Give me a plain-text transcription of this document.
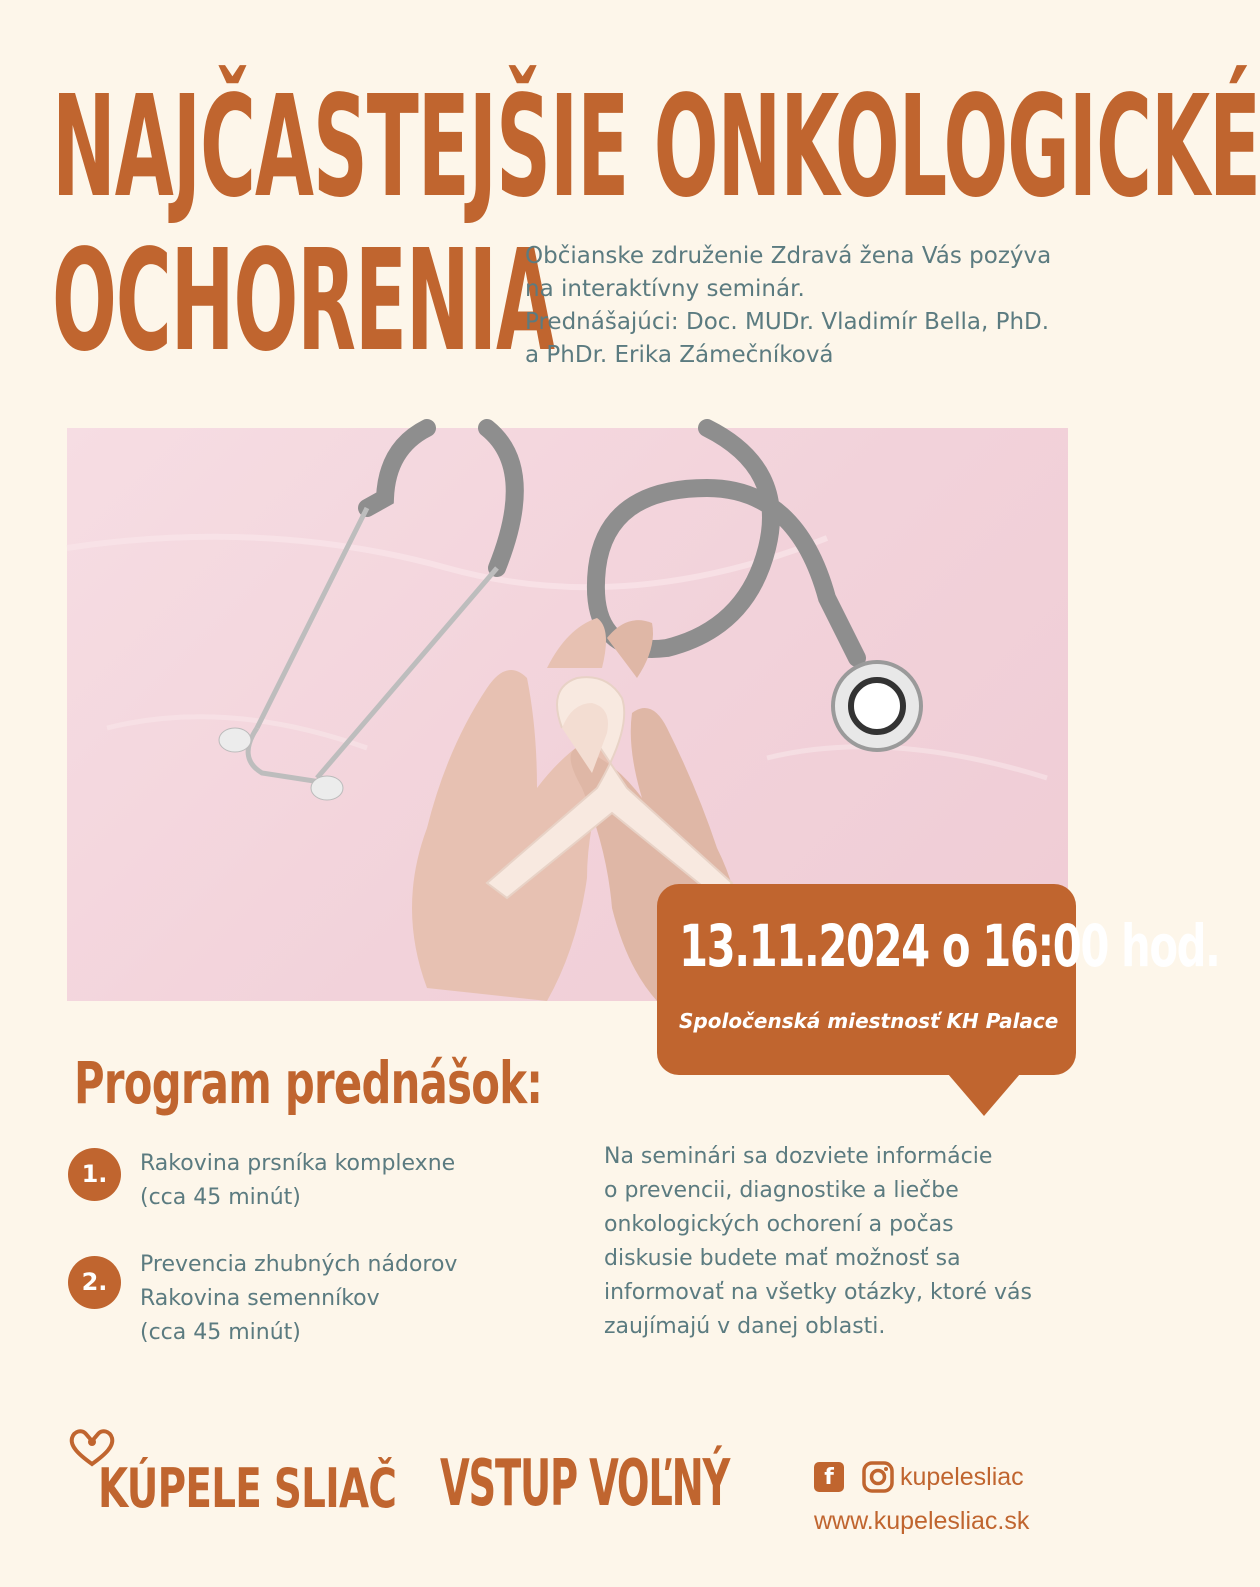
NAJČASTEJŠIE ONKOLOGICKÉ
OCHORENIA
Občianske združenie Zdravá žena Vás pozýva
na interaktívny seminár.
Prednášajúci: Doc. MUDr. Vladimír Bella, PhD.
a PhDr. Erika Zámečníková
13.11.2024 o 16:00 hod.
Spoločenská miestnosť KH Palace
Program prednášok:
1.	Rakovina prsníka komplexne
(cca 45 minút)
2.
Prevencia zhubných nádorov
Rakovina semenníkov
(cca 45 minút)
Na seminári sa dozviete informácie
o prevencii, diagnostike a liečbe
onkologických ochorení a počas
diskusie budete mať možnosť sa
informovať na všetky otázky, ktoré vás
zaujímajú v danej oblasti.
KÚPELE SLIAČ VSTUP VOĽNÝ	f	kupelesliac
www.kupelesliac.sk
